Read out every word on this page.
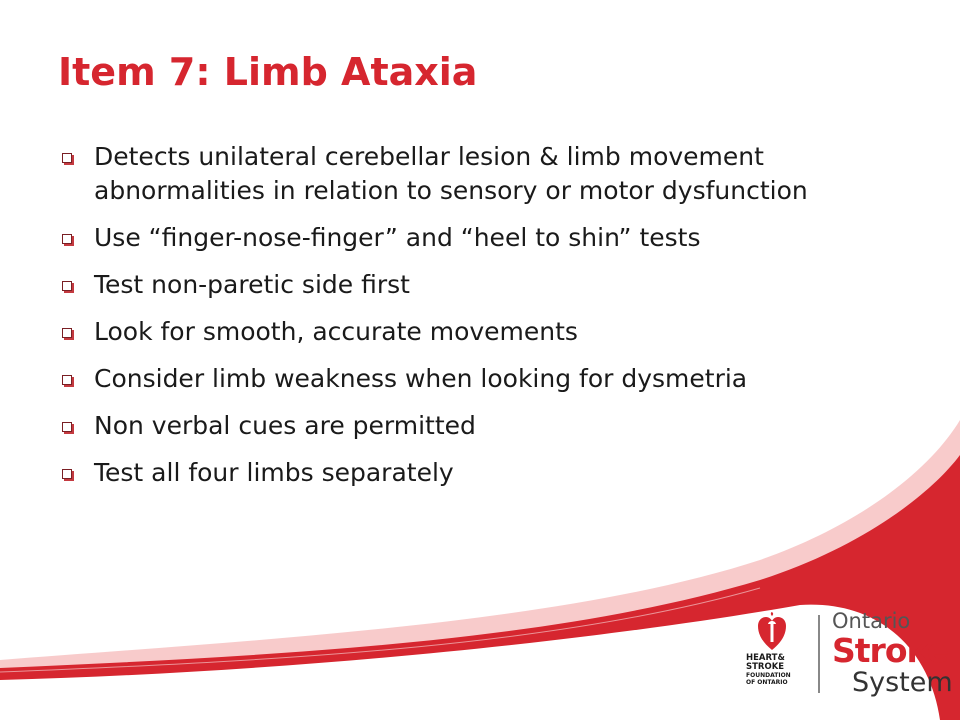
Item 7: Limb Ataxia
Detects unilateral cerebellar lesion & limb movement
abnormalities in relation to sensory or motor dysfunction
Use “finger-nose-finger” and “heel to shin” tests
Test non-paretic side first
Look for smooth, accurate movements
Consider limb weakness when looking for dysmetria
Non verbal cues are permitted
Test all four limbs separately
HEART&
STROKE
FOUNDATION
OF ONTARIO
Ontario
Stroke
System
